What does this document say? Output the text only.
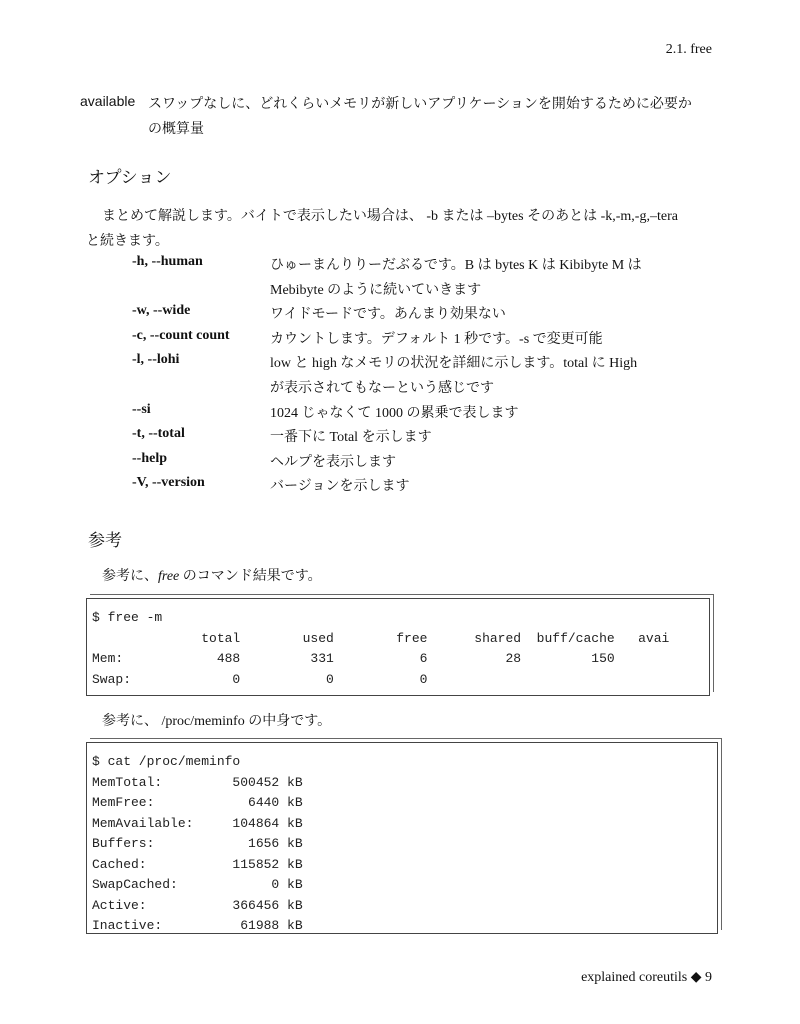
2.1. free
available スワップなしに、どれくらいメモリが新しいアプリケーションを開始するために必要か
の概算量
オプション
まとめて解説します。バイトで表示したい場合は、 -b または –bytes そのあとは -k,-m,-g,–tera
と続きます。
-h, --human	ひゅーまんりりーだぶるです。B は bytes K は Kibibyte M は
Mebibyte のように続いていきます
-w, --wide	ワイドモードです。あんまり効果ない
-c, --count count	カウントします。デフォルト 1 秒です。-s で変更可能
-l, --lohi	low と high なメモリの状況を詳細に示します。total に High
が表示されてもなーという感じです
--si	1024 じゃなくて 1000 の累乗で表します
-t, --total	一番下に Total を示します
--help	ヘルプを表示します
-V, --version	バージョンを示します
参考
参考に、free のコマンド結果です。
$ free -m
total        used        free      shared  buff/cache   avai
Mem:            488         331           6          28         150
Swap:             0           0           0
参考に、 /proc/meminfo の中身です。
$ cat /proc/meminfo
MemTotal:         500452 kB
MemFree:            6440 kB
MemAvailable:     104864 kB
Buffers:            1656 kB
Cached:           115852 kB
SwapCached:            0 kB
Active:           366456 kB
Inactive:          61988 kB
explained coreutils ◆ 9
